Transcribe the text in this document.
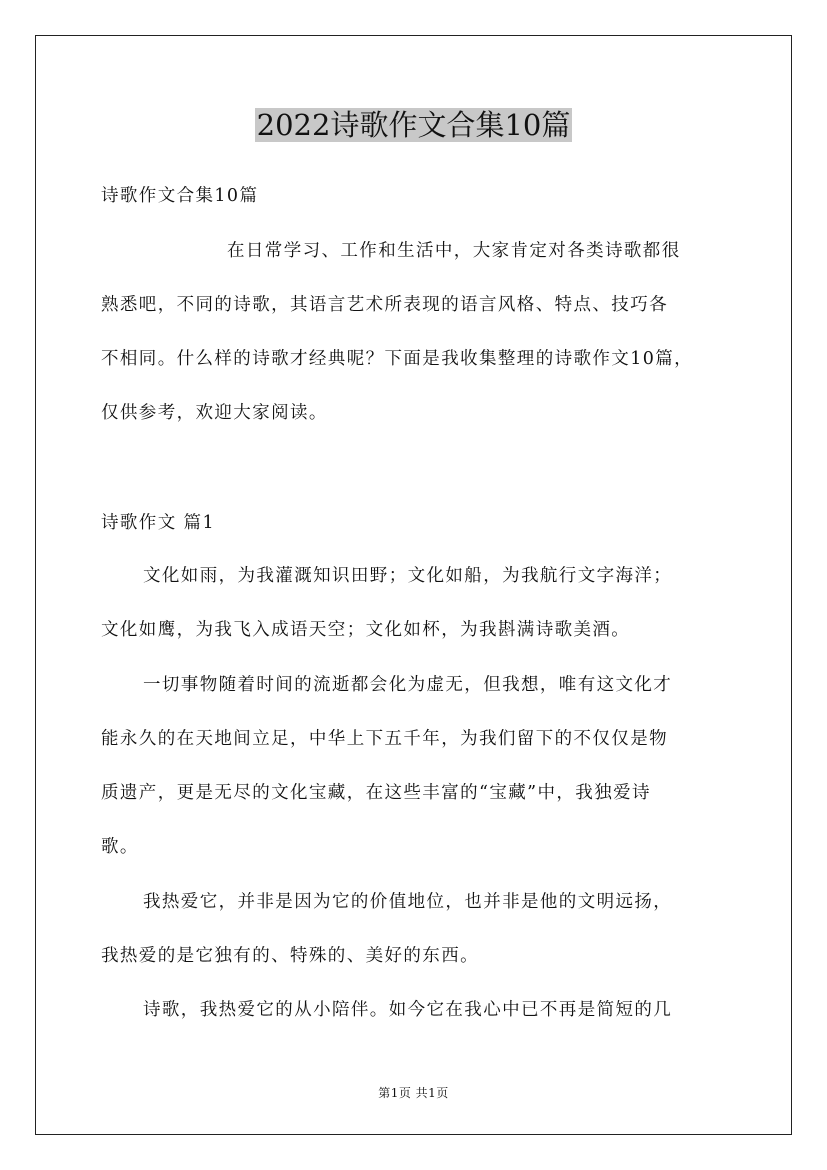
2022诗歌作文合集10篇

诗歌作文合集10篇

在日常学习、工作和生活中，大家肯定对各类诗歌都很

熟悉吧，不同的诗歌，其语言艺术所表现的语言风格、特点、技巧各

不相同。什么样的诗歌才经典呢？下面是我收集整理的诗歌作文10篇，

仅供参考，欢迎大家阅读。

诗歌作文 篇1

文化如雨，为我灌溉知识田野；文化如船，为我航行文字海洋；

文化如鹰，为我飞入成语天空；文化如杯，为我斟满诗歌美酒。

一切事物随着时间的流逝都会化为虚无，但我想，唯有这文化才

能永久的在天地间立足，中华上下五千年，为我们留下的不仅仅是物

质遗产，更是无尽的文化宝藏，在这些丰富的“宝藏”中，我独爱诗

歌。

我热爱它，并非是因为它的价值地位，也并非是他的文明远扬，

我热爱的是它独有的、特殊的、美好的东西。

诗歌，我热爱它的从小陪伴。如今它在我心中已不再是简短的几

第1页 共1页
